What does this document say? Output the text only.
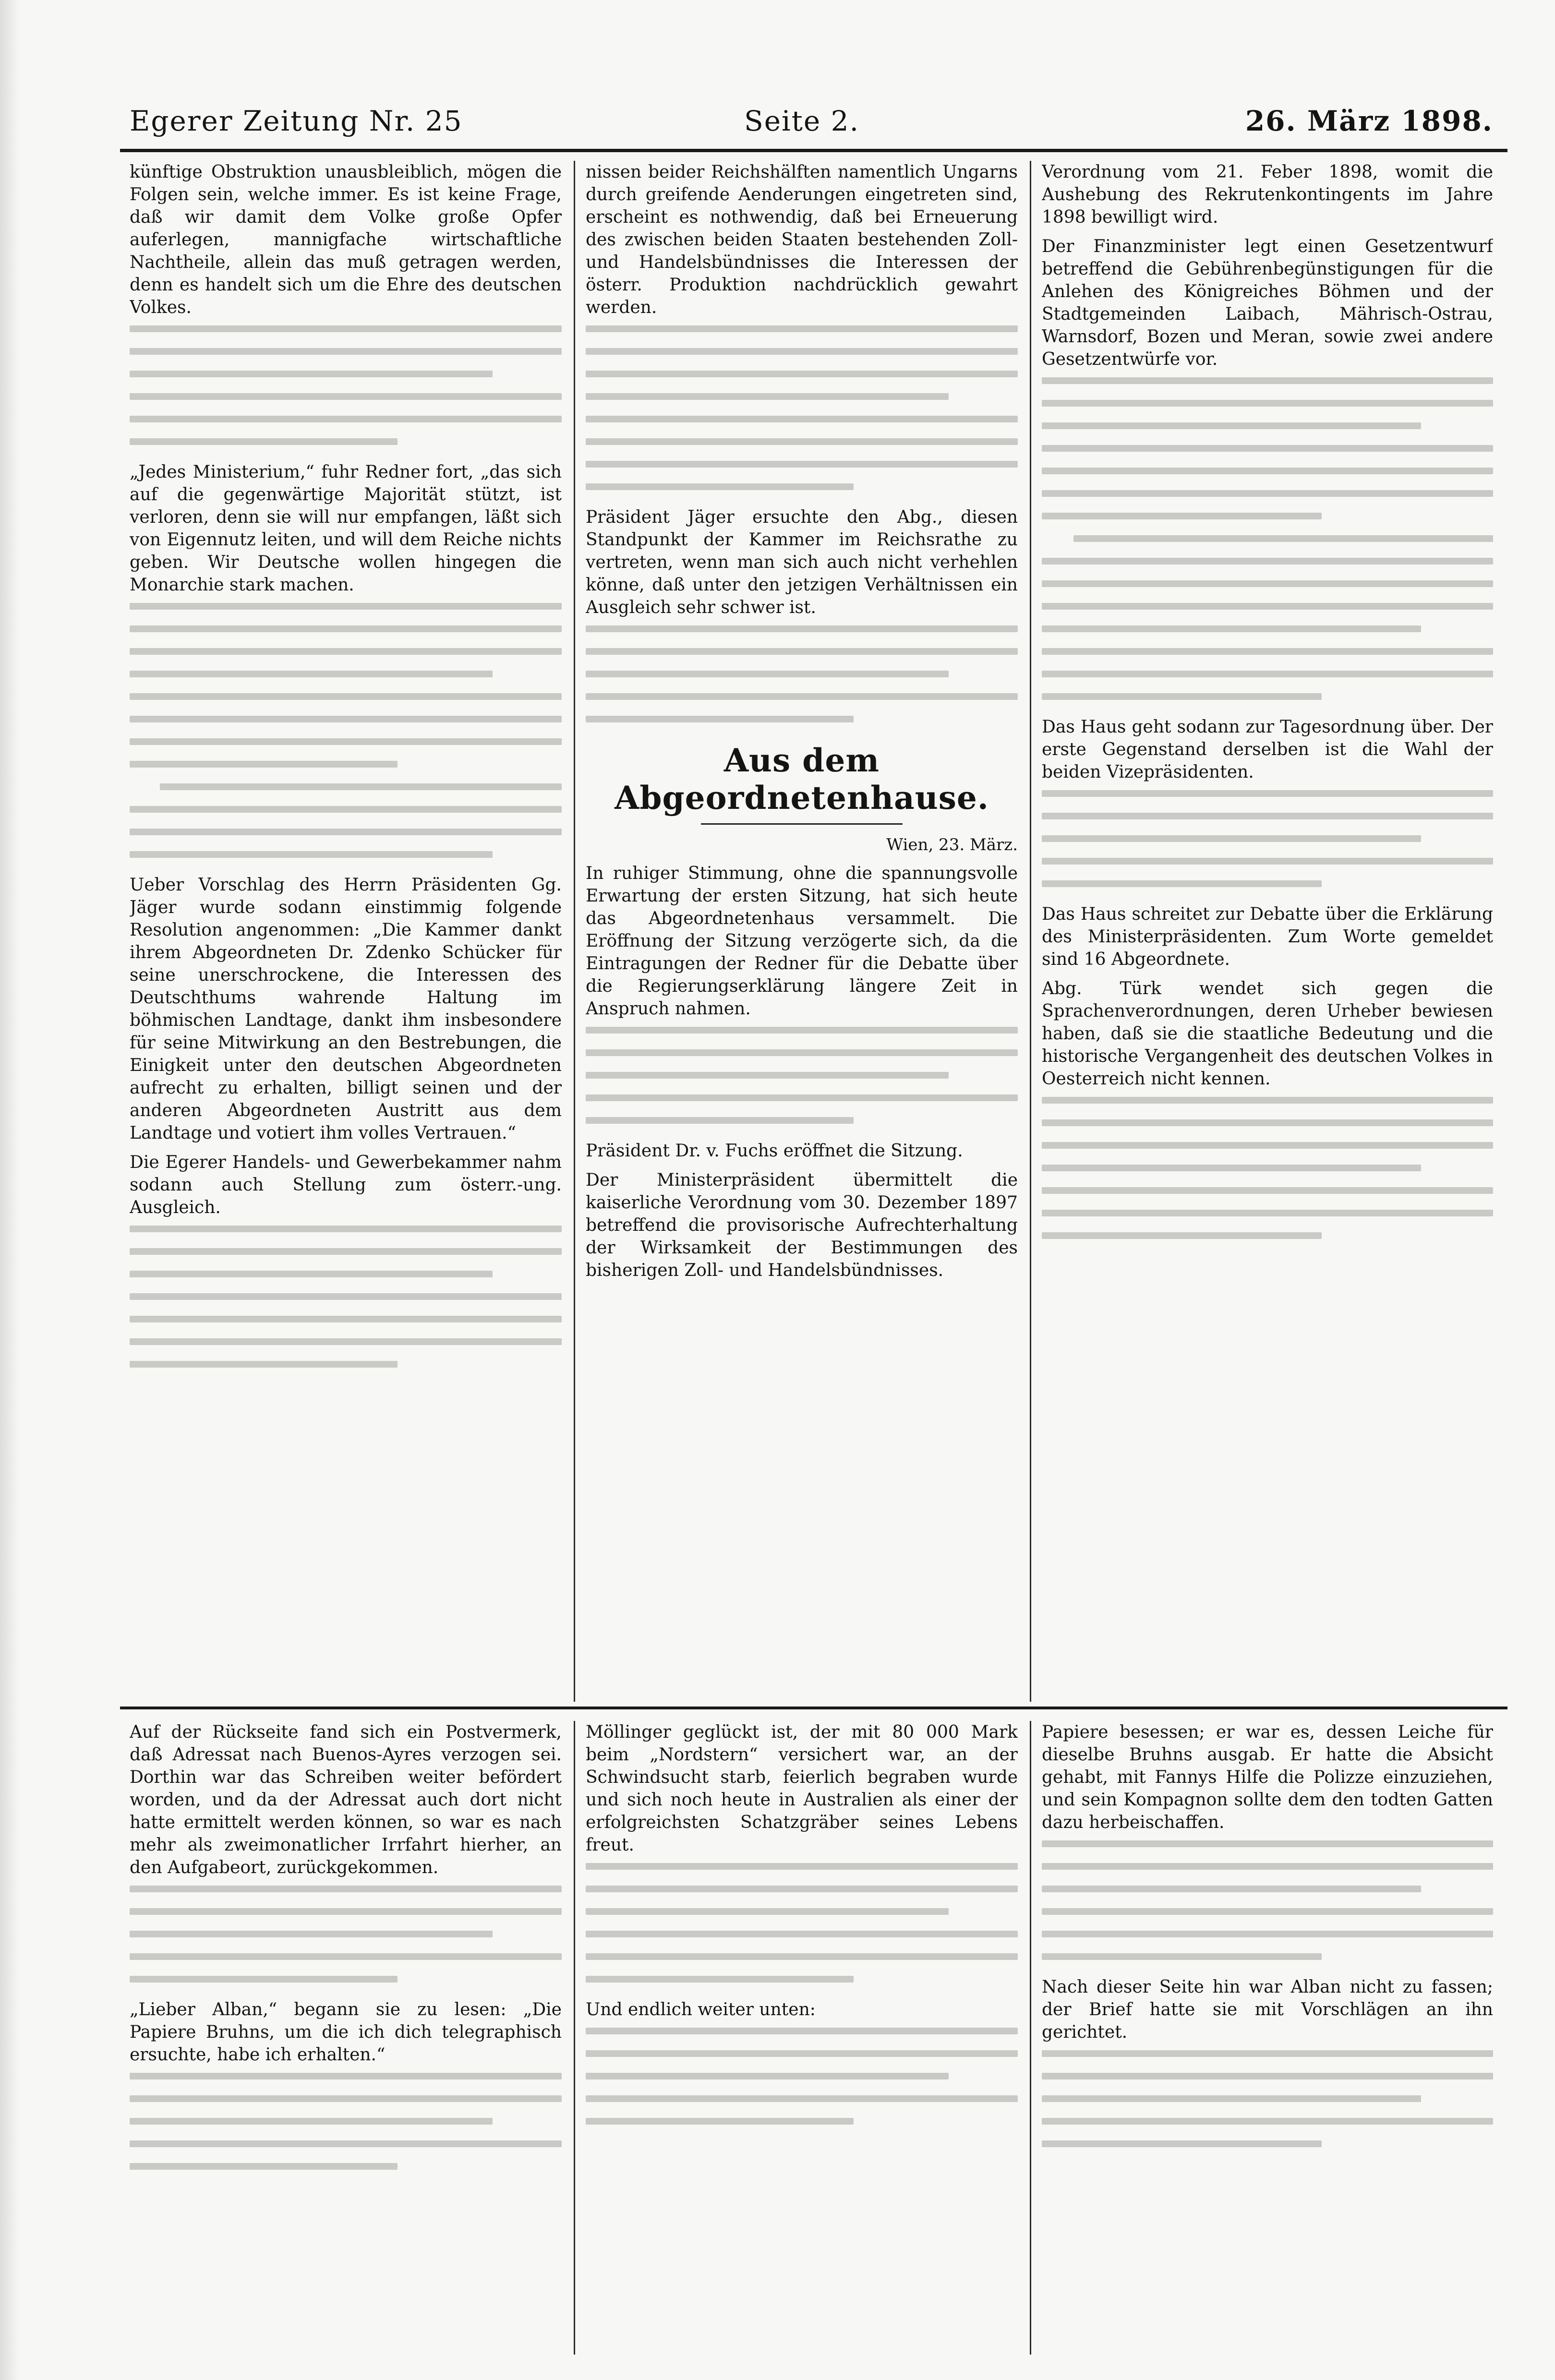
Egerer Zeitung Nr. 25	Seite 2.	26. März 1898.

künftige Obstruktion unausbleiblich, mögen die Folgen sein, welche immer. Es ist keine Frage, daß wir damit dem Volke große Opfer auferlegen, mannigfache wirtschaftliche Nachtheile, allein das muß getragen werden, denn es handelt sich um die Ehre des deutschen Volkes.

„Jedes Ministerium,“ fuhr Redner fort, „das sich auf die gegenwärtige Majorität stützt, ist verloren, denn sie will nur empfangen, läßt sich von Eigennutz leiten, und will dem Reiche nichts geben. Wir Deutsche wollen hingegen die Monarchie stark machen.

Ueber Vorschlag des Herrn Präsidenten Gg. Jäger wurde sodann einstimmig folgende Resolution angenommen: „Die Kammer dankt ihrem Abgeordneten Dr. Zdenko Schücker für seine unerschrockene, die Interessen des Deutschthums wahrende Haltung im böhmischen Landtage, dankt ihm insbesondere für seine Mitwirkung an den Bestrebungen, die Einigkeit unter den deutschen Abgeordneten aufrecht zu erhalten, billigt seinen und der anderen Abgeordneten Austritt aus dem Landtage und votiert ihm volles Vertrauen.“

Die Egerer Handels- und Gewerbekammer nahm sodann auch Stellung zum österr.-ung. Ausgleich.

nissen beider Reichshälften namentlich Ungarns durch greifende Aenderungen eingetreten sind, erscheint es nothwendig, daß bei Erneuerung des zwischen beiden Staaten bestehenden Zoll- und Handelsbündnisses die Interessen der österr. Produktion nachdrücklich gewahrt werden.

Präsident Jäger ersuchte den Abg., diesen Standpunkt der Kammer im Reichsrathe zu vertreten, wenn man sich auch nicht verhehlen könne, daß unter den jetzigen Verhältnissen ein Ausgleich sehr schwer ist.

Aus dem Abgeordnetenhause.
Wien, 23. März.

In ruhiger Stimmung, ohne die spannungsvolle Erwartung der ersten Sitzung, hat sich heute das Abgeordnetenhaus versammelt. Die Eröffnung der Sitzung verzögerte sich, da die Eintragungen der Redner für die Debatte über die Regierungserklärung längere Zeit in Anspruch nahmen.

Präsident Dr. v. Fuchs eröffnet die Sitzung.

Der Ministerpräsident übermittelt die kaiserliche Verordnung vom 30. Dezember 1897 betreffend die provisorische Aufrechterhaltung der Wirksamkeit der Bestimmungen des bisherigen Zoll- und Handelsbündnisses.

Verordnung vom 21. Feber 1898, womit die Aushebung des Rekrutenkontingents im Jahre 1898 bewilligt wird.

Der Finanzminister legt einen Gesetzentwurf betreffend die Gebührenbegünstigungen für die Anlehen des Königreiches Böhmen und der Stadtgemeinden Laibach, Mährisch-Ostrau, Warnsdorf, Bozen und Meran, sowie zwei andere Gesetzentwürfe vor.

Das Haus geht sodann zur Tagesordnung über. Der erste Gegenstand derselben ist die Wahl der beiden Vizepräsidenten.

Das Haus schreitet zur Debatte über die Erklärung des Ministerpräsidenten. Zum Worte gemeldet sind 16 Abgeordnete.

Abg. Türk wendet sich gegen die Sprachenverordnungen, deren Urheber bewiesen haben, daß sie die staatliche Bedeutung und die historische Vergangenheit des deutschen Volkes in Oesterreich nicht kennen.

Auf der Rückseite fand sich ein Postvermerk, daß Adressat nach Buenos-Ayres verzogen sei. Dorthin war das Schreiben weiter befördert worden, und da der Adressat auch dort nicht hatte ermittelt werden können, so war es nach mehr als zweimonatlicher Irrfahrt hierher, an den Aufgabeort, zurückgekommen.

„Lieber Alban,“ begann sie zu lesen: „Die Papiere Bruhns, um die ich dich telegraphisch ersuchte, habe ich erhalten.“

Möllinger geglückt ist, der mit 80 000 Mark beim „Nordstern“ versichert war, an der Schwindsucht starb, feierlich begraben wurde und sich noch heute in Australien als einer der erfolgreichsten Schatzgräber seines Lebens freut.

Und endlich weiter unten:

Papiere besessen; er war es, dessen Leiche für dieselbe Bruhns ausgab. Er hatte die Absicht gehabt, mit Fannys Hilfe die Polizze einzuziehen, und sein Kompagnon sollte dem den todten Gatten dazu herbeischaffen.

Nach dieser Seite hin war Alban nicht zu fassen; der Brief hatte sie mit Vorschlägen an ihn gerichtet.
